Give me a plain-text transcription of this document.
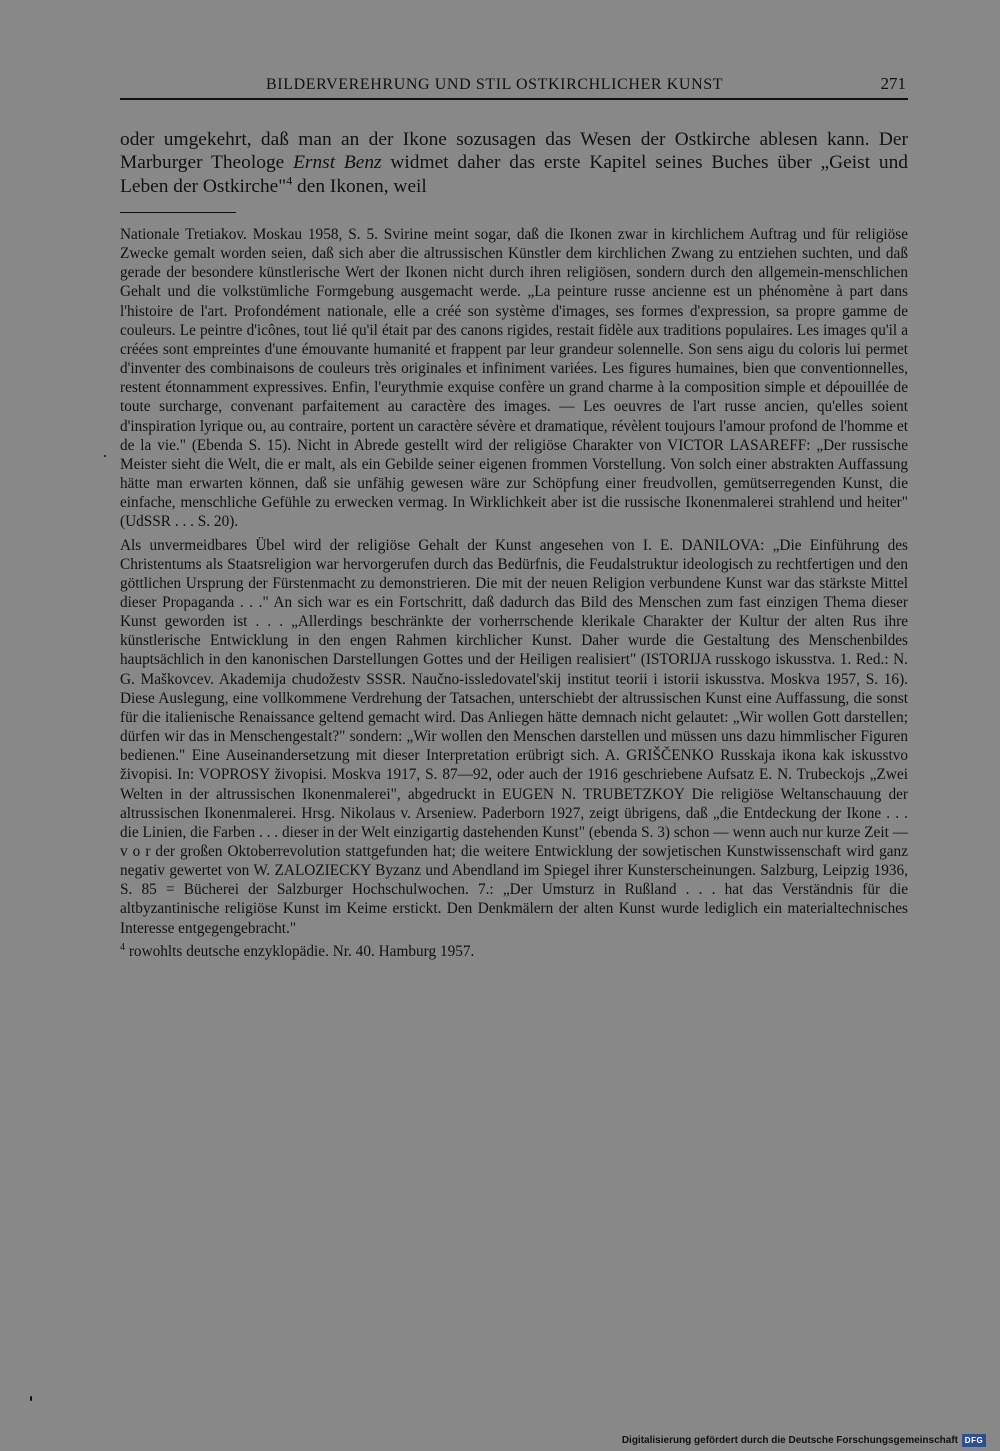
BILDERVEREHRUNG UND STIL OSTKIRCHLICHER KUNST	271

oder umgekehrt, daß man an der Ikone sozusagen das Wesen der Ostkirche ablesen kann. Der Marburger Theologe Ernst Benz widmet daher das erste Kapitel seines Buches über „Geist und Leben der Ostkirche"$^4$ den Ikonen, weil

Nationale Tretiakov. Moskau 1958, S. 5. Svirine meint sogar, daß die Ikonen zwar in kirchlichem Auftrag und für religiöse Zwecke gemalt worden seien, daß sich aber die altrussischen Künstler dem kirchlichen Zwang zu entziehen suchten, und daß gerade der besondere künstlerische Wert der Ikonen nicht durch ihren religiösen, sondern durch den allgemein-menschlichen Gehalt und die volkstümliche Formgebung ausgemacht werde. „La peinture russe ancienne est un phénomène à part dans l'histoire de l'art. Profondément nationale, elle a créé son système d'images, ses formes d'expression, sa propre gamme de couleurs. Le peintre d'icônes, tout lié qu'il était par des canons rigides, restait fidèle aux traditions populaires. Les images qu'il a créées sont empreintes d'une émouvante humanité et frappent par leur grandeur solennelle. Son sens aigu du coloris lui permet d'inventer des combinaisons de couleurs très originales et infiniment variées. Les figures humaines, bien que conventionnelles, restent étonnamment expressives. Enfin, l'eurythmie exquise confère un grand charme à la composition simple et dépouillée de toute surcharge, convenant parfaitement au caractère des images. — Les oeuvres de l'art russe ancien, qu'elles soient d'inspiration lyrique ou, au contraire, portent un caractère sévère et dramatique, révèlent toujours l'amour profond de l'homme et de la vie." (Ebenda S. 15). Nicht in Abrede gestellt wird der religiöse Charakter von VICTOR LASAREFF: „Der russische Meister sieht die Welt, die er malt, als ein Gebilde seiner eigenen frommen Vorstellung. Von solch einer abstrakten Auffassung hätte man erwarten können, daß sie unfähig gewesen wäre zur Schöpfung einer freudvollen, gemütserregenden Kunst, die einfache, menschliche Gefühle zu erwecken vermag. In Wirklichkeit aber ist die russische Ikonenmalerei strahlend und heiter" (UdSSR . . . S. 20).

Als unvermeidbares Übel wird der religiöse Gehalt der Kunst angesehen von I. E. DANILOVA: „Die Einführung des Christentums als Staatsreligion war hervorgerufen durch das Bedürfnis, die Feudalstruktur ideologisch zu rechtfertigen und den göttlichen Ursprung der Fürstenmacht zu demonstrieren. Die mit der neuen Religion verbundene Kunst war das stärkste Mittel dieser Propaganda . . ." An sich war es ein Fortschritt, daß dadurch das Bild des Menschen zum fast einzigen Thema dieser Kunst geworden ist . . . „Allerdings beschränkte der vorherrschende klerikale Charakter der Kultur der alten Rus ihre künstlerische Entwicklung in den engen Rahmen kirchlicher Kunst. Daher wurde die Gestaltung des Menschenbildes hauptsächlich in den kanonischen Darstellungen Gottes und der Heiligen realisiert" (ISTORIJA russkogo iskusstva. 1. Red.: N. G. Maškovcev. Akademija chudožestv SSSR. Naučno-issledovatel'skij institut teorii i istorii iskusstva. Moskva 1957, S. 16). Diese Auslegung, eine vollkommene Verdrehung der Tatsachen, unterschiebt der altrussischen Kunst eine Auffassung, die sonst für die italienische Renaissance geltend gemacht wird. Das Anliegen hätte demnach nicht gelautet: „Wir wollen Gott darstellen; dürfen wir das in Menschengestalt?" sondern: „Wir wollen den Menschen darstellen und müssen uns dazu himmlischer Figuren bedienen." Eine Auseinandersetzung mit dieser Interpretation erübrigt sich. A. GRIŠČENKO Russkaja ikona kak iskusstvo živopisi. In: VOPROSY živopisi. Moskva 1917, S. 87—92, oder auch der 1916 geschriebene Aufsatz E. N. Trubeckojs „Zwei Welten in der altrussischen Ikonenmalerei", abgedruckt in EUGEN N. TRUBETZKOY Die religiöse Weltanschauung der altrussischen Ikonenmalerei. Hrsg. Nikolaus v. Arseniew. Paderborn 1927, zeigt übrigens, daß „die Entdeckung der Ikone . . . die Linien, die Farben . . . dieser in der Welt einzigartig dastehenden Kunst" (ebenda S. 3) schon — wenn auch nur kurze Zeit — v o r der großen Oktoberrevolution stattgefunden hat; die weitere Entwicklung der sowjetischen Kunstwissenschaft wird ganz negativ gewertet von W. ZALOZIECKY Byzanz und Abendland im Spiegel ihrer Kunsterscheinungen. Salzburg, Leipzig 1936, S. 85 = Bücherei der Salzburger Hochschulwochen. 7.: „Der Umsturz in Rußland . . . hat das Verständnis für die altbyzantinische religiöse Kunst im Keime erstickt. Den Denkmälern der alten Kunst wurde lediglich ein materialtechnisches Interesse entgegengebracht."

$^4$ rowohlts deutsche enzyklopädie. Nr. 40. Hamburg 1957.

Digitalisierung gefördert durch die Deutsche Forschungsgemeinschaft DFG
